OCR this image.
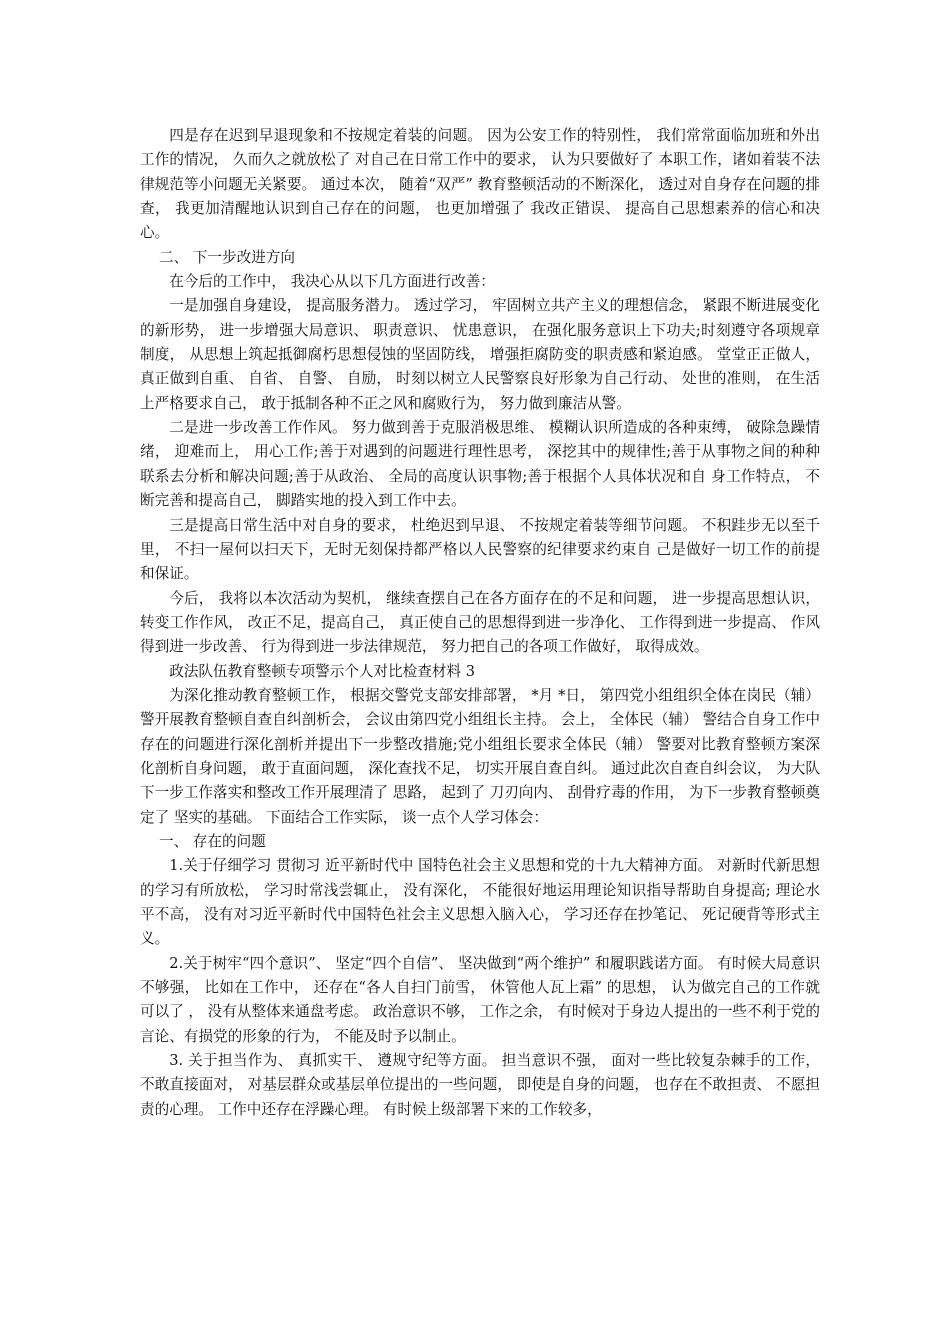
四是存在迟到早退现象和不按规定着装的问题。 因为公安工作的特别性， 我们常常面临加班和外出工作的情况， 久而久之就放松了 对自己在日常工作中的要求， 认为只要做好了 本职工作，诸如着装不法律规范等小问题无关紧要。 通过本次， 随着“双严” 教育整顿活动的不断深化， 透过对自身存在问题的排查， 我更加清醒地认识到自己存在的问题， 也更加增强了 我改正错误、 提高自己思想素养的信心和决心。

二、 下一步改进方向

在今后的工作中， 我决心从以下几方面进行改善：

一是加强自身建设， 提高服务潜力。 透过学习， 牢固树立共产主义的理想信念， 紧跟不断进展变化的新形势， 进一步增强大局意识、 职责意识、 忧患意识， 在强化服务意识上下功夫;时刻遵守各项规章制度， 从思想上筑起抵御腐朽思想侵蚀的坚固防线， 增强拒腐防变的职责感和紧迫感。 堂堂正正做人， 真正做到自重、 自省、 自警、 自励， 时刻以树立人民警察良好形象为自己行动、 处世的准则， 在生活上严格要求自己， 敢于抵制各种不正之风和腐败行为， 努力做到廉洁从警。

二是进一步改善工作作风。 努力做到善于克服消极思维、 模糊认识所造成的各种束缚， 破除急躁情绪， 迎难而上， 用心工作;善于对遇到的问题进行理性思考， 深挖其中的规律性;善于从事物之间的种种联系去分析和解决问题;善于从政治、 全局的高度认识事物;善于根据个人具体状况和自 身工作特点， 不断完善和提高自己， 脚踏实地的投入到工作中去。

三是提高日常生活中对自身的要求， 杜绝迟到早退、 不按规定着装等细节问题。 不积跬步无以至千里， 不扫一屋何以扫天下，无时无刻保持都严格以人民警察的纪律要求约束自 己是做好一切工作的前提和保证。

今后， 我将以本次活动为契机， 继续查摆自己在各方面存在的不足和问题， 进一步提高思想认识， 转变工作作风， 改正不足，提高自己， 真正使自己的思想得到进一步净化、 工作得到进一步提高、 作风得到进一步改善、 行为得到进一步法律规范， 努力把自己的各项工作做好， 取得成效。

政法队伍教育整顿专项警示个人对比检查材料 3

为深化推动教育整顿工作， 根据交警党支部安排部署， *月 *日， 第四党小组组织全体在岗民（辅） 警开展教育整顿自查自纠剖析会， 会议由第四党小组组长主持。 会上， 全体民（辅） 警结合自身工作中存在的问题进行深化剖析并提出下一步整改措施;党小组组长要求全体民（辅） 警要对比教育整顿方案深化剖析自身问题， 敢于直面问题， 深化查找不足， 切实开展自查自纠。 通过此次自查自纠会议， 为大队下一步工作落实和整改工作开展理清了 思路， 起到了 刀刃向内、 刮骨疗毒的作用， 为下一步教育整顿奠定了 坚实的基础。 下面结合工作实际， 谈一点个人学习体会：

一、 存在的问题

1.关于仔细学习 贯彻习 近平新时代中 国特色社会主义思想和党的十九大精神方面。 对新时代新思想的学习有所放松， 学习时常浅尝辄止， 没有深化， 不能很好地运用理论知识指导帮助自身提高; 理论水平不高， 没有对习近平新时代中国特色社会主义思想入脑入心， 学习还存在抄笔记、 死记硬背等形式主义。

2.关于树牢“四个意识”、 坚定“四个自信”、 坚决做到“两个维护” 和履职践诺方面。 有时候大局意识不够强， 比如在工作中， 还存在“各人自扫门前雪， 休管他人瓦上霜” 的思想， 认为做完自己的工作就可以了 ， 没有从整体来通盘考虑。 政治意识不够， 工作之余， 有时候对于身边人提出的一些不利于党的言论、有损党的形象的行为， 不能及时予以制止。

3. 关于担当作为、 真抓实干、 遵规守纪等方面。 担当意识不强， 面对一些比较复杂棘手的工作， 不敢直接面对， 对基层群众或基层单位提出的一些问题， 即使是自身的问题， 也存在不敢担责、 不愿担责的心理。 工作中还存在浮躁心理。 有时候上级部署下来的工作较多，
